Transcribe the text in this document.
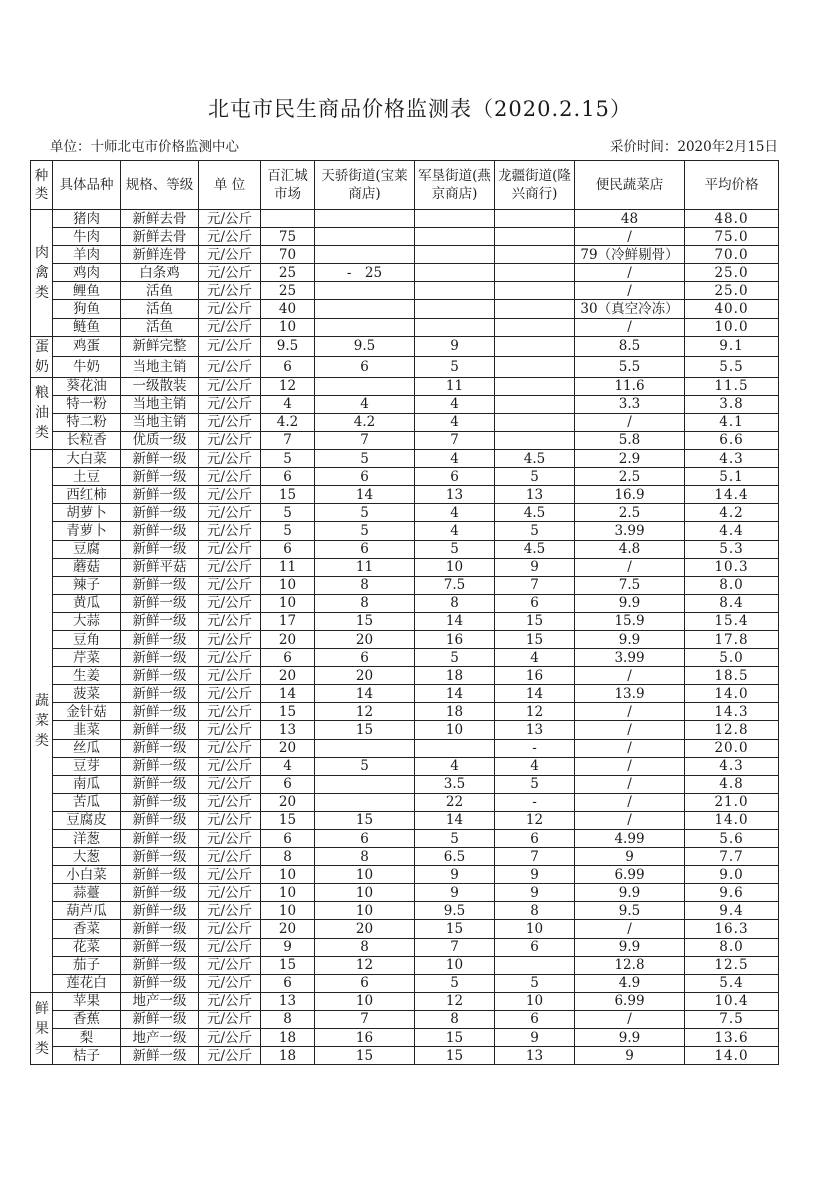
北屯市民生商品价格监测表（2020.2.15）
单位：十师北屯市价格监测中心	采价时间：2020年2月15日
种类	具体品种	规格、等级	单 位	百汇城市场	天骄街道(宝莱商店)	军垦街道(燕京商店)	龙疆街道(隆兴商行)	便民蔬菜店	平均价格
肉禽类	猪肉	新鲜去骨	元/公斤					48	48.0
	牛肉	新鲜去骨	元/公斤	75				/	75.0
	羊肉	新鲜连骨	元/公斤	70				79（冷鲜剔骨）	70.0
	鸡肉	白条鸡	元/公斤	25	-　25			/	25.0
	鲤鱼	活鱼	元/公斤	25				/	25.0
	狗鱼	活鱼	元/公斤	40				30（真空冷冻）	40.0
	鲢鱼	活鱼	元/公斤	10				/	10.0
蛋奶	鸡蛋	新鲜完整	元/公斤	9.5	9.5	9		8.5	9.1
	牛奶	当地主销	元/公斤	6	6	5		5.5	5.5
粮油类	葵花油	一级散装	元/公斤	12		11		11.6	11.5
	特一粉	当地主销	元/公斤	4	4	4		3.3	3.8
	特二粉	当地主销	元/公斤	4.2	4.2	4		/	4.1
	长粒香	优质一级	元/公斤	7	7	7		5.8	6.6
蔬菜类	大白菜	新鲜一级	元/公斤	5	5	4	4.5	2.9	4.3
	土豆	新鲜一级	元/公斤	6	6	6	5	2.5	5.1
	西红柿	新鲜一级	元/公斤	15	14	13	13	16.9	14.4
	胡萝卜	新鲜一级	元/公斤	5	5	4	4.5	2.5	4.2
	青萝卜	新鲜一级	元/公斤	5	5	4	5	3.99	4.4
	豆腐	新鲜一级	元/公斤	6	6	5	4.5	4.8	5.3
	蘑菇	新鲜平菇	元/公斤	11	11	10	9	/	10.3
	辣子	新鲜一级	元/公斤	10	8	7.5	7	7.5	8.0
	黄瓜	新鲜一级	元/公斤	10	8	8	6	9.9	8.4
	大蒜	新鲜一级	元/公斤	17	15	14	15	15.9	15.4
	豆角	新鲜一级	元/公斤	20	20	16	15	9.9	17.8
	芹菜	新鲜一级	元/公斤	6	6	5	4	3.99	5.0
	生姜	新鲜一级	元/公斤	20	20	18	16	/	18.5
	菠菜	新鲜一级	元/公斤	14	14	14	14	13.9	14.0
	金针菇	新鲜一级	元/公斤	15	12	18	12	/	14.3
	韭菜	新鲜一级	元/公斤	13	15	10	13	/	12.8
	丝瓜	新鲜一级	元/公斤	20			-	/	20.0
	豆芽	新鲜一级	元/公斤	4	5	4	4	/	4.3
	南瓜	新鲜一级	元/公斤	6		3.5	5	/	4.8
	苦瓜	新鲜一级	元/公斤	20		22	-	/	21.0
	豆腐皮	新鲜一级	元/公斤	15	15	14	12	/	14.0
	洋葱	新鲜一级	元/公斤	6	6	5	6	4.99	5.6
	大葱	新鲜一级	元/公斤	8	8	6.5	7	9	7.7
	小白菜	新鲜一级	元/公斤	10	10	9	9	6.99	9.0
	蒜薹	新鲜一级	元/公斤	10	10	9	9	9.9	9.6
	葫芦瓜	新鲜一级	元/公斤	10	10	9.5	8	9.5	9.4
	香菜	新鲜一级	元/公斤	20	20	15	10	/	16.3
	花菜	新鲜一级	元/公斤	9	8	7	6	9.9	8.0
	茄子	新鲜一级	元/公斤	15	12	10		12.8	12.5
	莲花白	新鲜一级	元/公斤	6	6	5	5	4.9	5.4
鲜果类	苹果	地产一级	元/公斤	13	10	12	10	6.99	10.4
	香蕉	新鲜一级	元/公斤	8	7	8	6	/	7.5
	梨	地产一级	元/公斤	18	16	15	9	9.9	13.6
	桔子	新鲜一级	元/公斤	18	15	15	13	9	14.0
